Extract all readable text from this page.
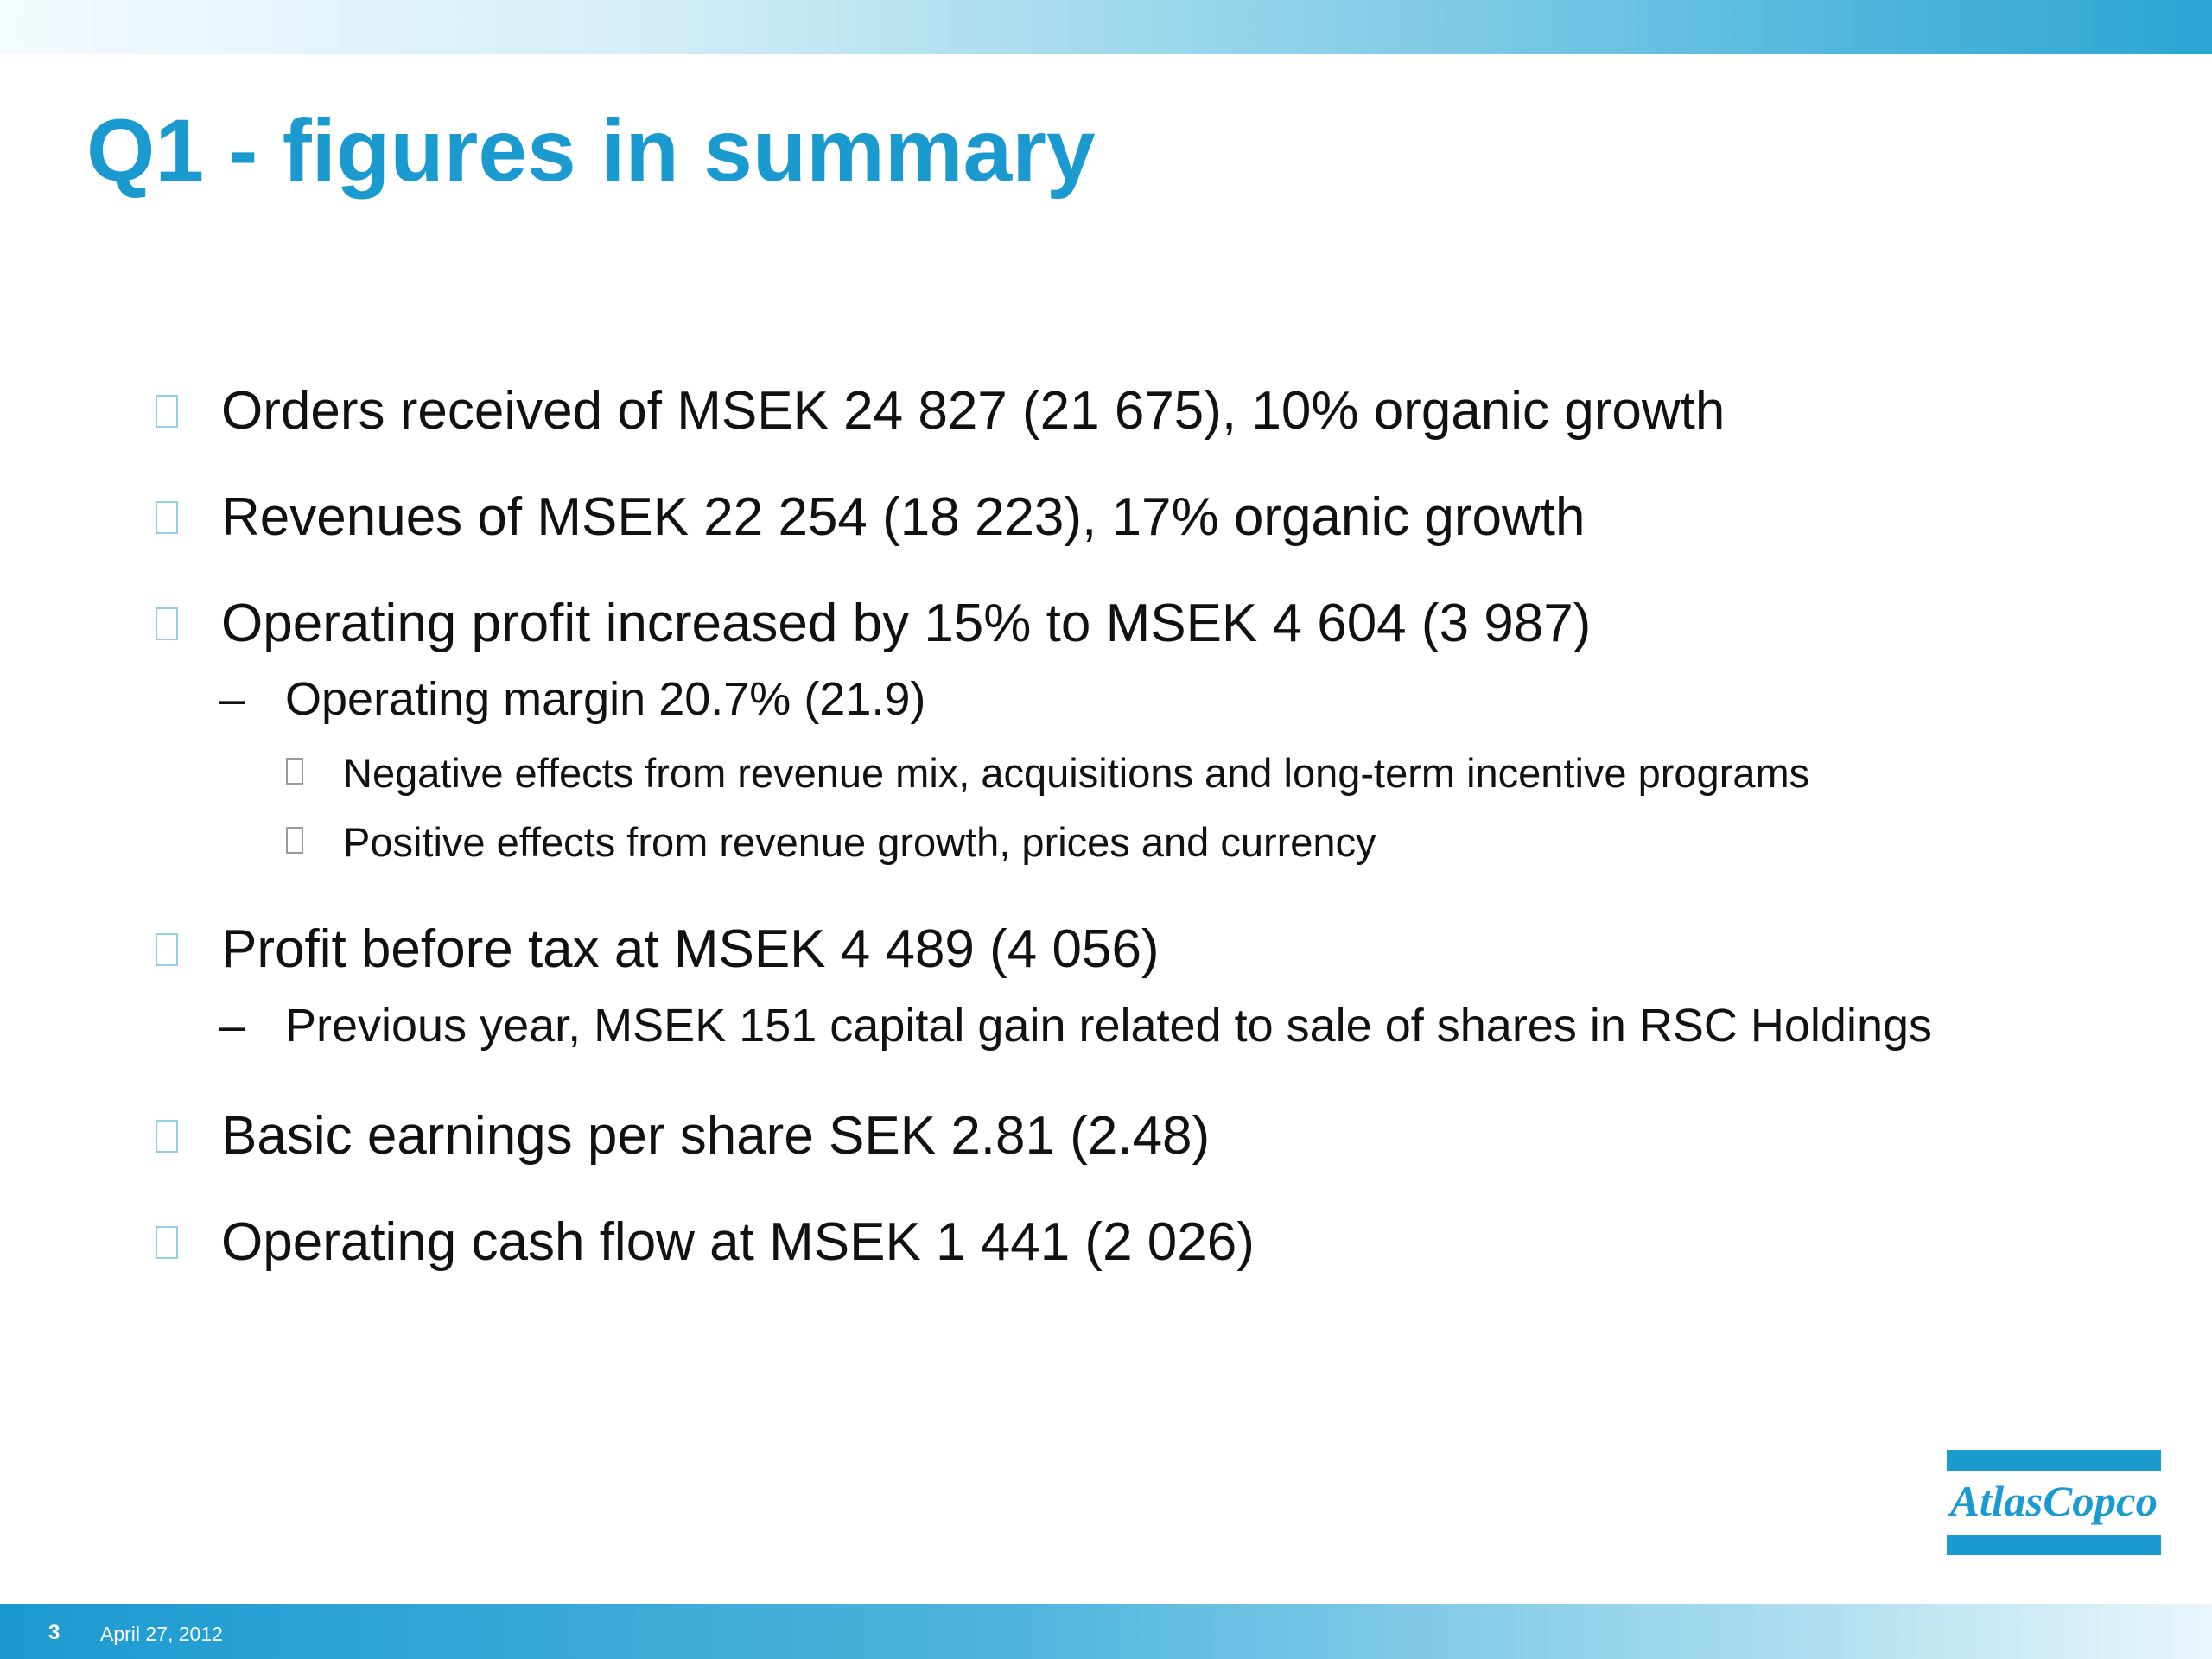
Q1 - figures in summary
Orders received of MSEK 24 827 (21 675), 10% organic growth
Revenues of MSEK 22 254 (18 223), 17% organic growth
Operating profit increased by 15% to MSEK 4 604 (3 987)
– Operating margin 20.7% (21.9)
Negative effects from revenue mix, acquisitions and long-term incentive programs
Positive effects from revenue growth, prices and currency
Profit before tax at MSEK 4 489 (4 056)
– Previous year, MSEK 151 capital gain related to sale of shares in RSC Holdings
Basic earnings per share SEK 2.81 (2.48)
Operating cash flow at MSEK 1 441 (2 026)
AtlasCopco
3 April 27, 2012
